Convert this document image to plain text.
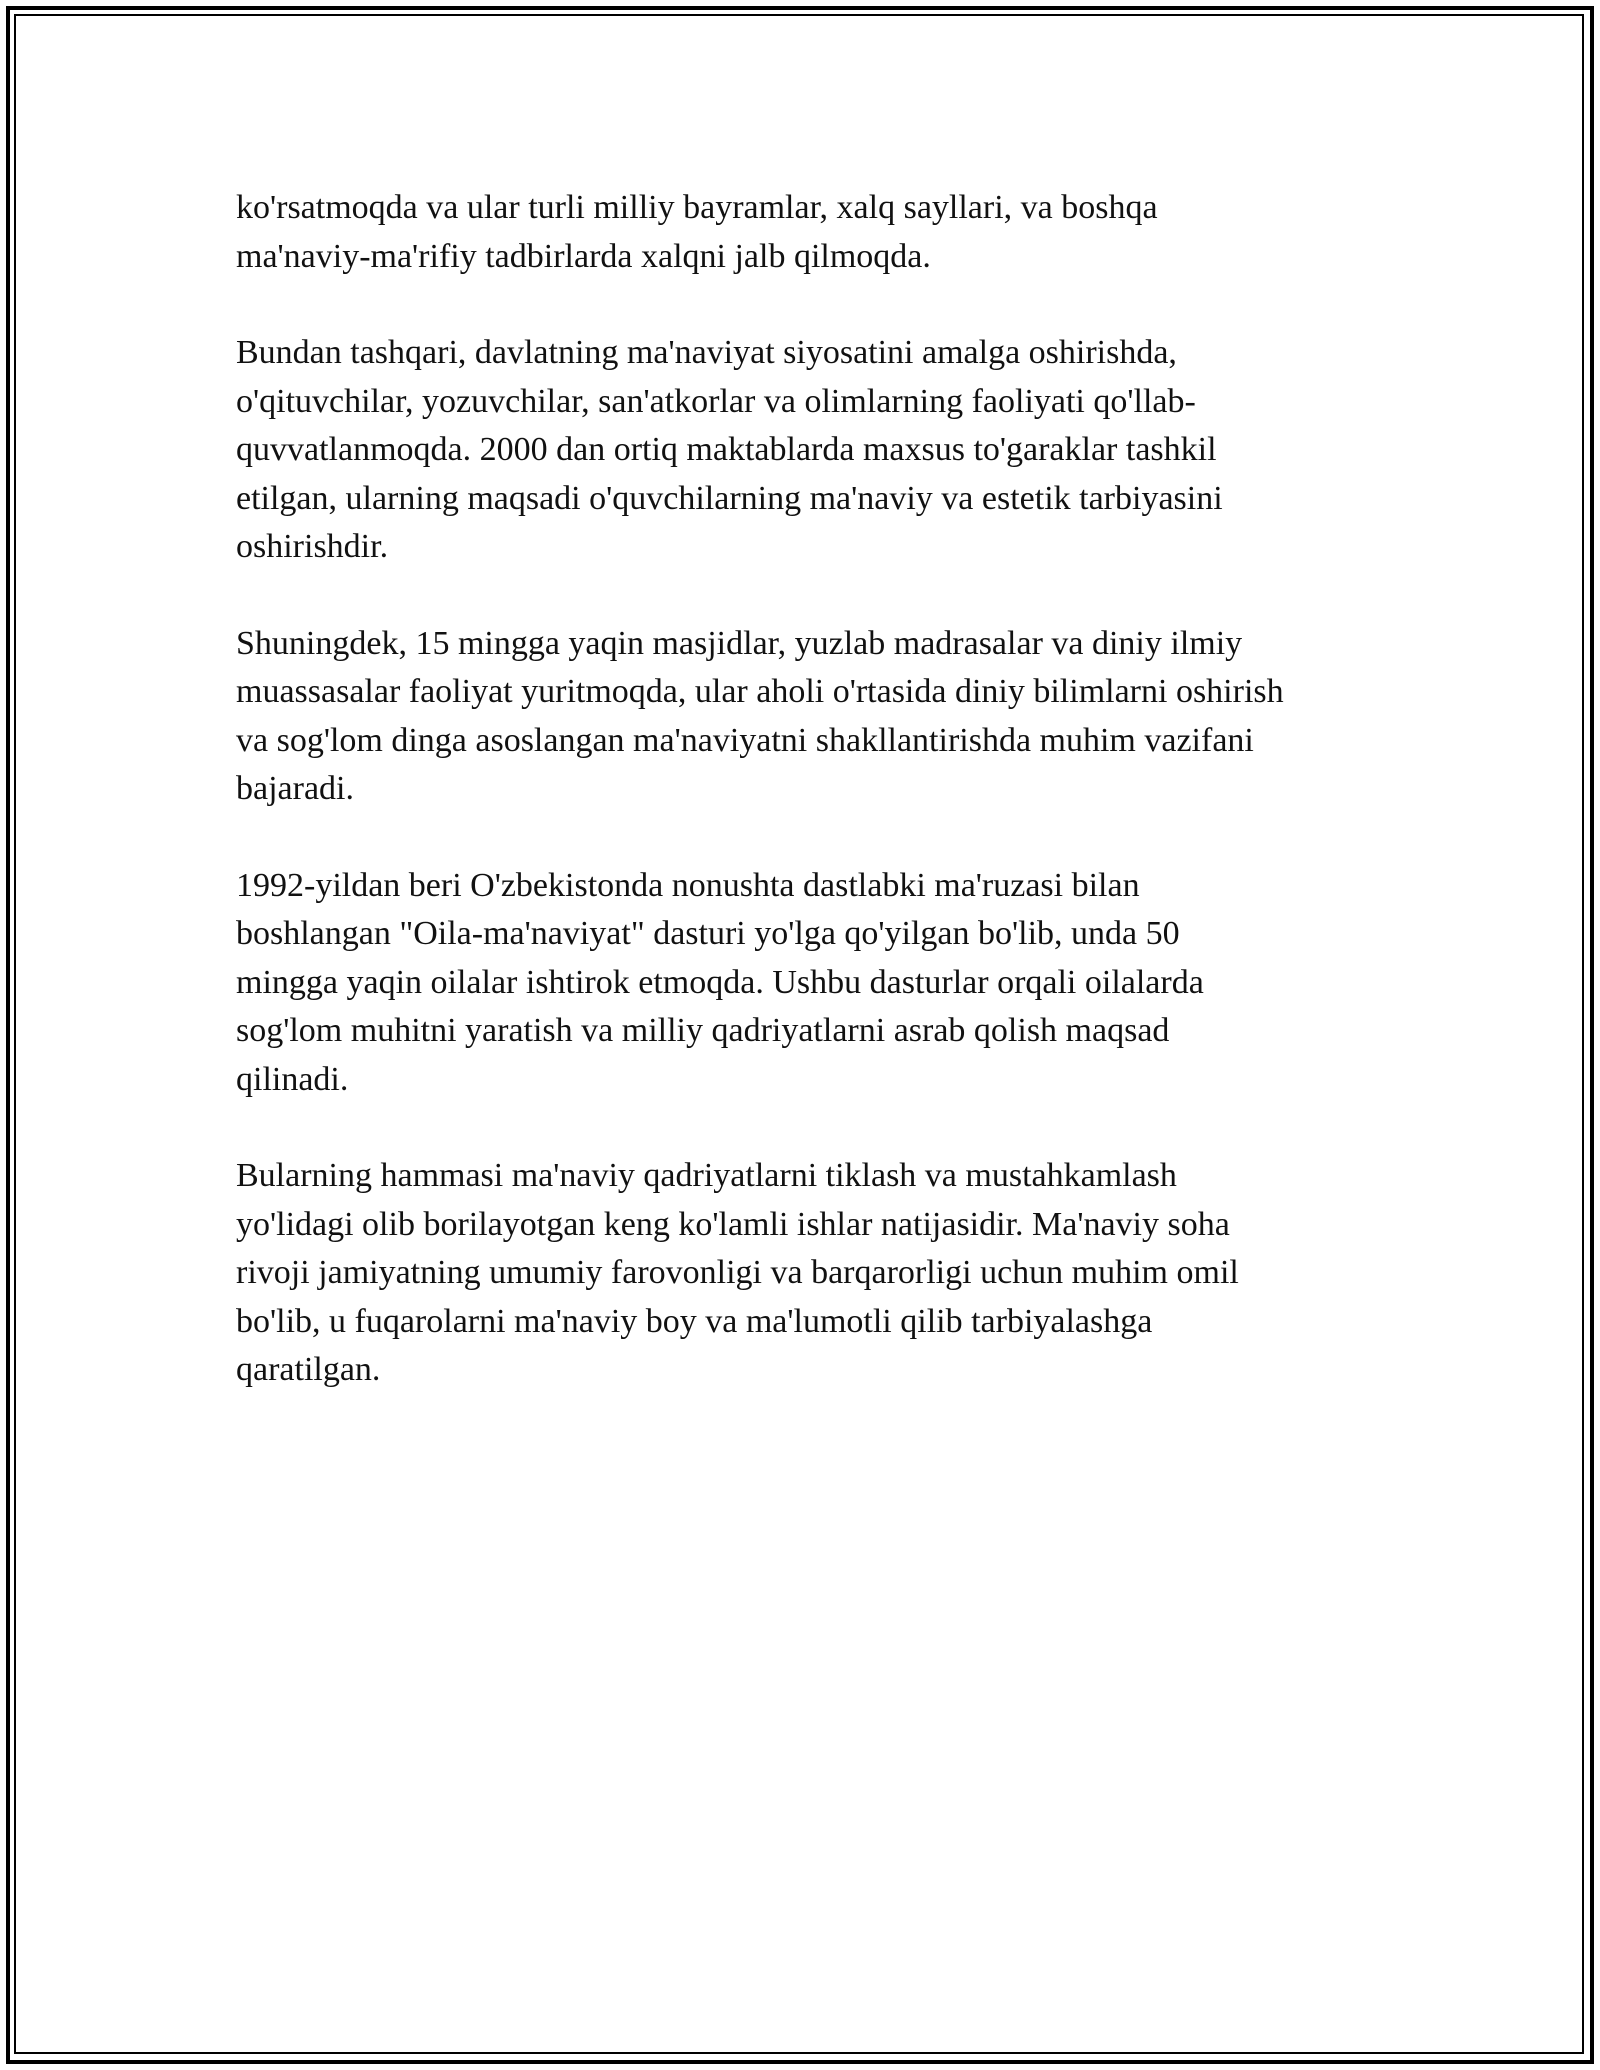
ko'rsatmoqda va ular turli milliy bayramlar, xalq sayllari, va boshqa
ma'naviy-ma'rifiy tadbirlarda xalqni jalb qilmoqda.

Bundan tashqari, davlatning ma'naviyat siyosatini amalga oshirishda,
o'qituvchilar, yozuvchilar, san'atkorlar va olimlarning faoliyati qo'llab-
quvvatlanmoqda. 2000 dan ortiq maktablarda maxsus to'garaklar tashkil
etilgan, ularning maqsadi o'quvchilarning ma'naviy va estetik tarbiyasini
oshirishdir.

Shuningdek, 15 mingga yaqin masjidlar, yuzlab madrasalar va diniy ilmiy
muassasalar faoliyat yuritmoqda, ular aholi o'rtasida diniy bilimlarni oshirish
va sog'lom dinga asoslangan ma'naviyatni shakllantirishda muhim vazifani
bajaradi.

1992-yildan beri O'zbekistonda nonushta dastlabki ma'ruzasi bilan
boshlangan "Oila-ma'naviyat" dasturi yo'lga qo'yilgan bo'lib, unda 50
mingga yaqin oilalar ishtirok etmoqda. Ushbu dasturlar orqali oilalarda
sog'lom muhitni yaratish va milliy qadriyatlarni asrab qolish maqsad
qilinadi.

Bularning hammasi ma'naviy qadriyatlarni tiklash va mustahkamlash
yo'lidagi olib borilayotgan keng ko'lamli ishlar natijasidir. Ma'naviy soha
rivoji jamiyatning umumiy farovonligi va barqarorligi uchun muhim omil
bo'lib, u fuqarolarni ma'naviy boy va ma'lumotli qilib tarbiyalashga
qaratilgan.
